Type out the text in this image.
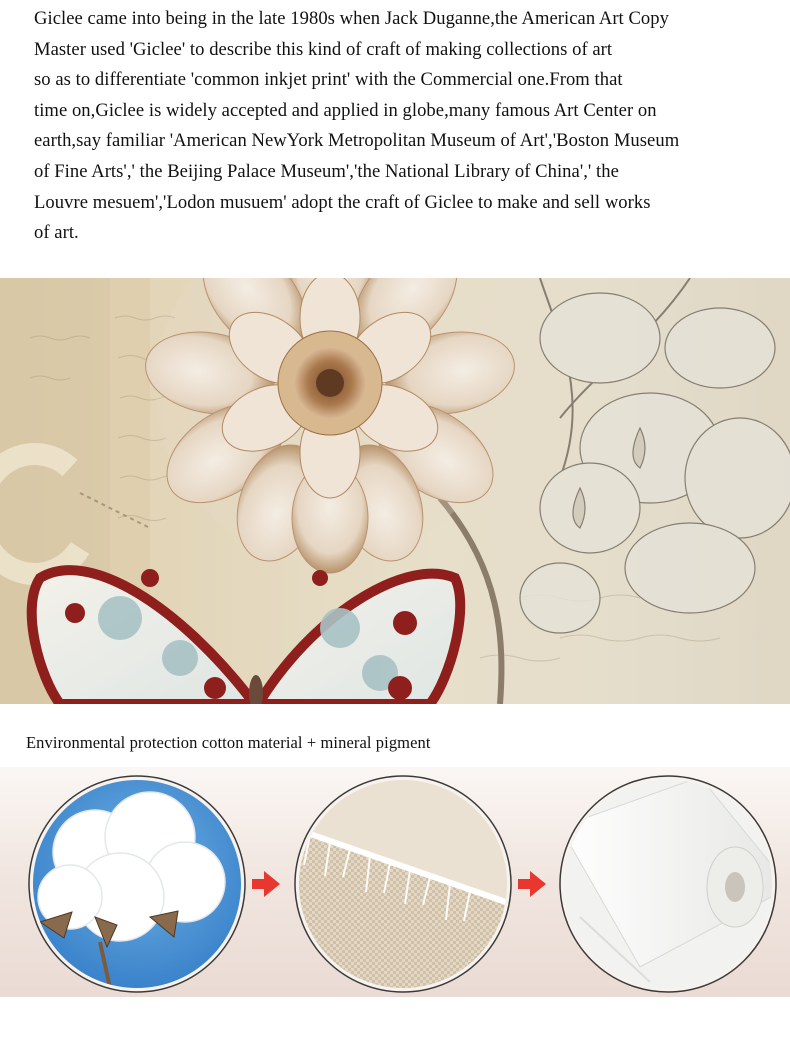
Giclee came into being in the late 1980s when Jack Duganne,the American Art Copy
Master used 'Giclee' to describe this kind of craft of making collections of art
so as to differentiate 'common inkjet print' with the Commercial one.From that
time on,Giclee is widely accepted and applied in globe,many famous Art Center on
earth,say familiar 'American NewYork Metropolitan Museum of Art','Boston Museum
of Fine Arts',' the Beijing Palace Museum','the National Library of China',' the
Louvre mesuem','Lodon musuem' adopt the craft of Giclee to make and sell works
of art.
Environmental protection cotton material + mineral pigment
